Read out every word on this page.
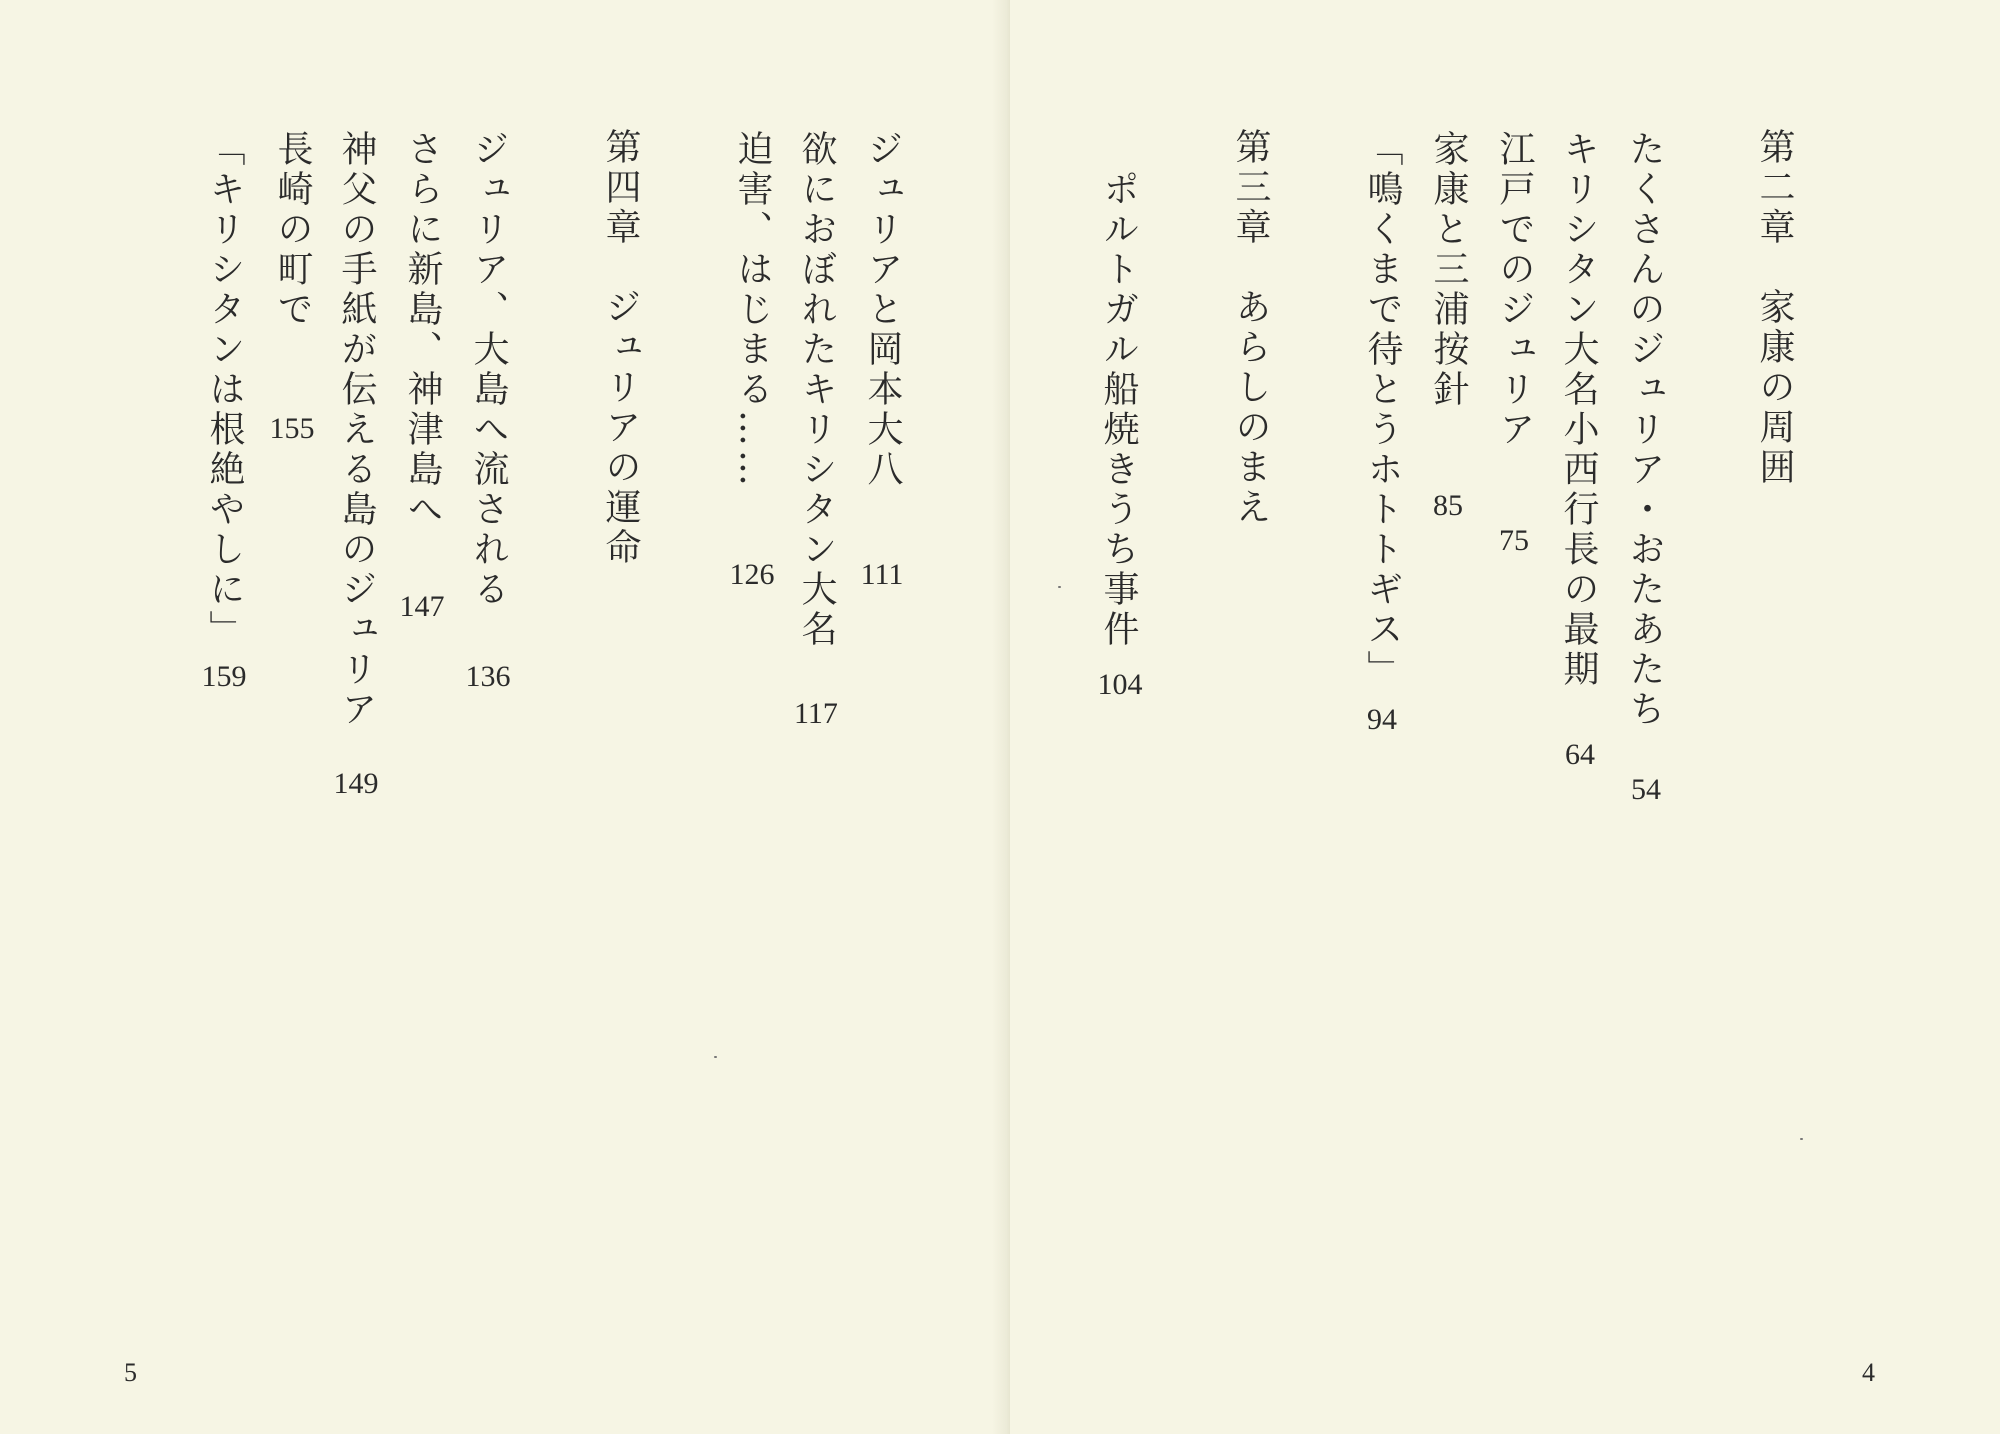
ジュリアと岡本大八
111
欲におぼれたキリシタン大名
117
迫害、はじまる……
126
第四章　ジュリアの運命
ジュリア、大島へ流される
136
さらに新島、神津島へ
147
神父の手紙が伝える島のジュリア
149
長崎の町で
155
「キリシタンは根絶やしに」
159
5
第二章　家康の周囲
たくさんのジュリア・おたあたち
54
キリシタン大名小西行長の最期
64
江戸でのジュリア
75
家康と三浦按針
85
「鳴くまで待とうホトトギス」
94
第三章　あらしのまえ
ポルトガル船焼きうち事件
104
4
